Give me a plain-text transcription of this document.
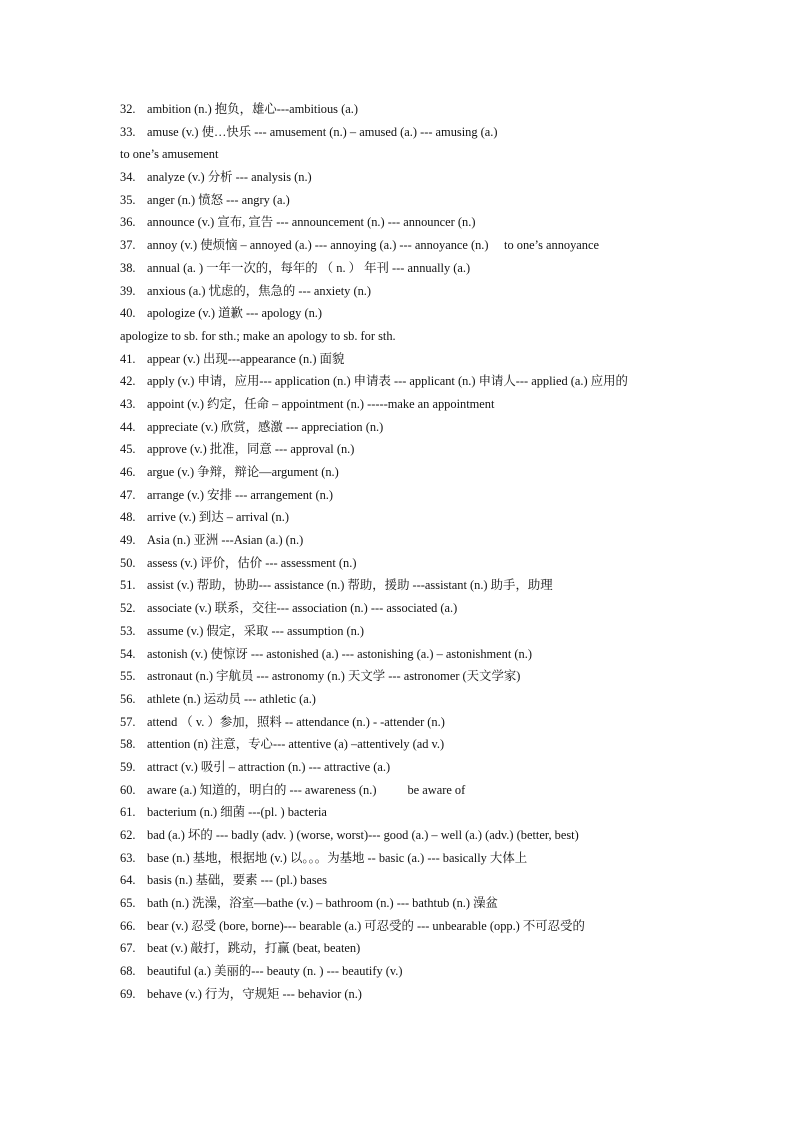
32. ambition (n.) 抱负，雄心---ambitious (a.)
33. amuse (v.) 使…快乐 --- amusement (n.) – amused (a.) --- amusing (a.)
to one’s amusement
34. analyze (v.) 分析 --- analysis (n.)
35. anger (n.) 愤怒 --- angry (a.)
36. announce (v.) 宣布, 宣告 --- announcement (n.) --- announcer (n.)
37. annoy (v.) 使烦恼 – annoyed (a.) --- annoying (a.) --- annoyance (n.)     to one’s annoyance
38. annual (a. ) 一年一次的，每年的 （ n. ） 年刊 --- annually (a.)
39. anxious (a.) 忧虑的，焦急的 --- anxiety (n.)
40. apologize (v.) 道歉 --- apology (n.)
apologize to sb. for sth.; make an apology to sb. for sth.
41. appear (v.) 出现---appearance (n.) 面貌
42. apply (v.) 申请，应用--- application (n.) 申请表 --- applicant (n.) 申请人--- applied (a.) 应用的
43. appoint (v.) 约定，任命 – appointment (n.) -----make an appointment
44. appreciate (v.) 欣赏，感激 --- appreciation (n.)
45. approve (v.) 批准，同意 --- approval (n.)
46. argue (v.) 争辩，辩论—argument (n.)
47. arrange (v.) 安排 --- arrangement (n.)
48. arrive (v.) 到达 – arrival (n.)
49. Asia (n.) 亚洲 ---Asian (a.) (n.)
50. assess (v.) 评价，估价 --- assessment (n.)
51. assist (v.) 帮助，协助--- assistance (n.) 帮助，援助 ---assistant (n.) 助手，助理
52. associate (v.) 联系，交往--- association (n.) --- associated (a.)
53. assume (v.) 假定，采取 --- assumption (n.)
54. astonish (v.) 使惊讶 --- astonished (a.) --- astonishing (a.) – astonishment (n.)
55. astronaut (n.) 宇航员 --- astronomy (n.) 天文学 --- astronomer (天文学家)
56. athlete (n.) 运动员 --- athletic (a.)
57. attend （ v. ）参加，照料 -- attendance (n.) - -attender (n.)
58. attention (n) 注意，专心--- attentive (a) –attentively (ad v.)
59. attract (v.) 吸引 – attraction (n.) --- attractive (a.)
60. aware (a.) 知道的，明白的 --- awareness (n.)          be aware of
61. bacterium (n.) 细菌 ---(pl. ) bacteria
62. bad (a.) 坏的 --- badly (adv. ) (worse, worst)--- good (a.) – well (a.) (adv.) (better, best)
63. base (n.) 基地，根据地 (v.) 以。。。为基地 -- basic (a.) --- basically 大体上
64. basis (n.) 基础，要素 --- (pl.) bases
65. bath (n.) 洗澡，浴室—bathe (v.) – bathroom (n.) --- bathtub (n.) 澡盆
66. bear (v.) 忍受 (bore, borne)--- bearable (a.) 可忍受的 --- unbearable (opp.) 不可忍受的
67. beat (v.) 敲打，跳动，打赢 (beat, beaten)
68. beautiful (a.) 美丽的--- beauty (n. ) --- beautify (v.)
69. behave (v.) 行为，守规矩 --- behavior (n.)
